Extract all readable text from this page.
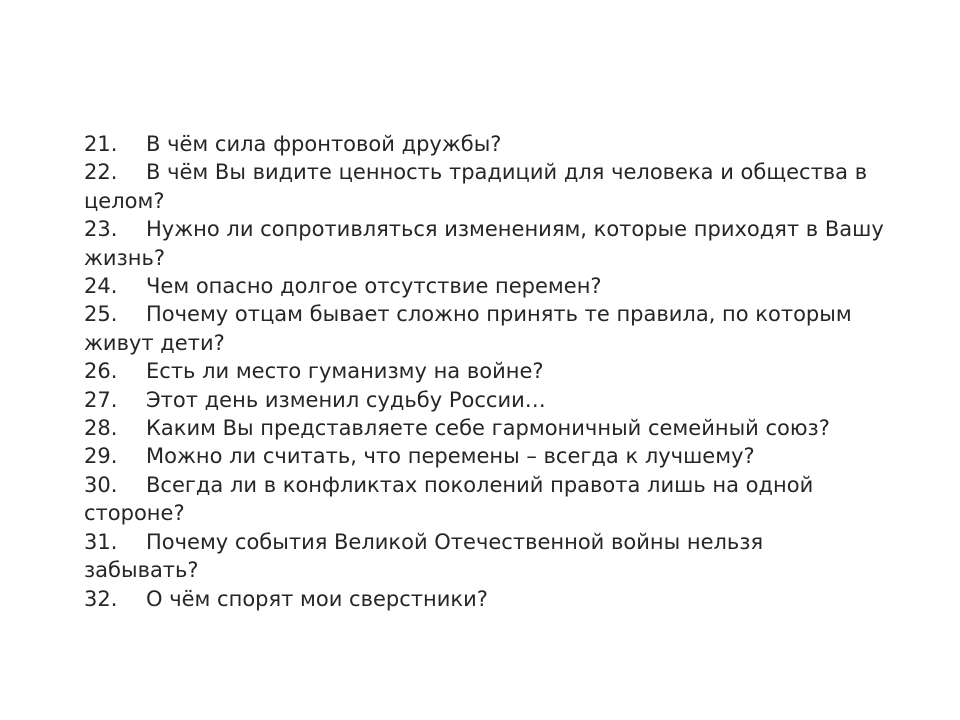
21. В чём сила фронтовой дружбы?
22. В чём Вы видите ценность традиций для человека и общества в целом?
23. Нужно ли сопротивляться изменениям, которые приходят в Вашу жизнь?
24. Чем опасно долгое отсутствие перемен?
25. Почему отцам бывает сложно принять те правила, по которым живут дети?
26. Есть ли место гуманизму на войне?
27. Этот день изменил судьбу России…
28. Каким Вы представляете себе гармоничный семейный союз?
29. Можно ли считать, что перемены – всегда к лучшему?
30. Всегда ли в конфликтах поколений правота лишь на одной стороне?
31. Почему события Великой Отечественной войны нельзя забывать?
32. О чём спорят мои сверстники?
